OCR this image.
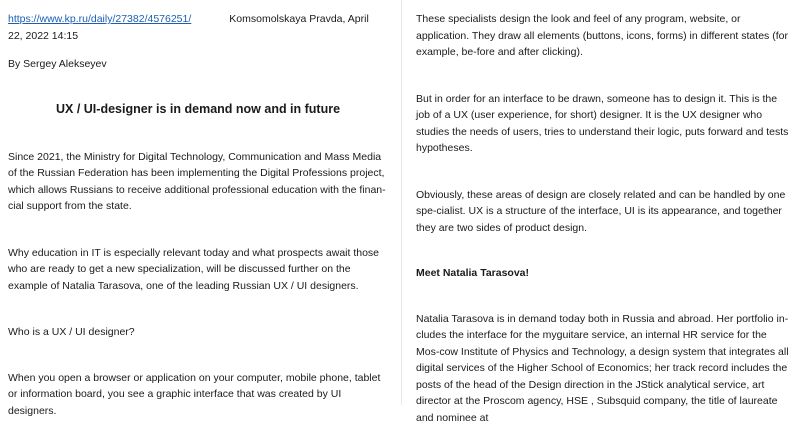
https://www.kp.ru/daily/27382/4576251/	Komsomolskaya Pravda, April

22, 2022 14:15

By Sergey Alekseyev

UX / UI-designer is in demand now and in future

Since 2021, the Ministry for Digital Technology, Communication and Mass Media of the Russian Federation has been implementing the Digital Professions project, which allows Russians to receive additional professional education with the finan-cial support from the state.

Why education in IT is especially relevant today and what prospects await those who are ready to get a new specialization, will be discussed further on the example of Natalia Tarasova, one of the leading Russian UX / UI designers.

Who is a UX / UI designer?

When you open a browser or application on your computer, mobile phone, tablet or information board, you see a graphic interface that was created by UI designers.

These specialists design the look and feel of any program, website, or application. They draw all elements (buttons, icons, forms) in different states (for example, be-fore and after clicking).

But in order for an interface to be drawn, someone has to design it. This is the job of a UX (user experience, for short) designer. It is the UX designer who studies the needs of users, tries to understand their logic, puts forward and tests hypotheses.

Obviously, these areas of design are closely related and can be handled by one spe-cialist. UX is a structure of the interface, UI is its appearance, and together they are two sides of product design.

Meet Natalia Tarasova!

Natalia Tarasova is in demand today both in Russia and abroad. Her portfolio in-cludes the interface for the myguitare service, an internal HR service for the Mos-cow Institute of Physics and Technology, a design system that integrates all digital services of the Higher School of Economics; her track record includes the posts of the head of the Design direction in the JStick analytical service, art director at the Proscom agency, HSE , Subsquid company, the title of laureate and nominee at
